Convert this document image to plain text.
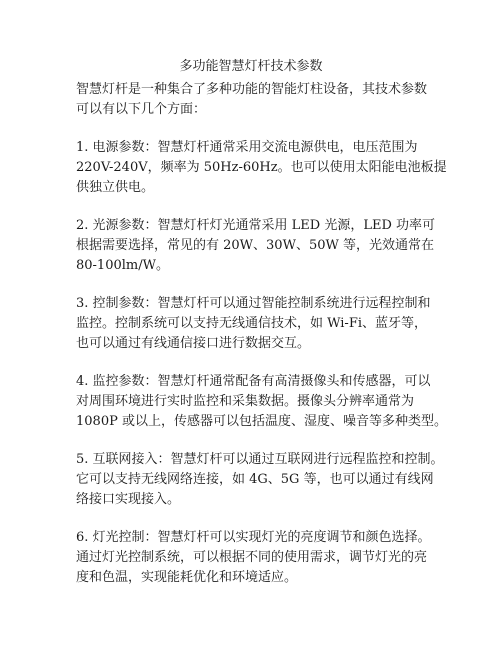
多功能智慧灯杆技术参数

智慧灯杆是一种集合了多种功能的智能灯柱设备，其技术参数
可以有以下几个方面：

1. 电源参数：智慧灯杆通常采用交流电源供电，电压范围为
220V-240V，频率为 50Hz-60Hz。也可以使用太阳能电池板提
供独立供电。

2. 光源参数：智慧灯杆灯光通常采用 LED 光源，LED 功率可
根据需要选择，常见的有 20W、30W、50W 等，光效通常在
80-100lm/W。

3. 控制参数：智慧灯杆可以通过智能控制系统进行远程控制和
监控。控制系统可以支持无线通信技术，如 Wi-Fi、蓝牙等，
也可以通过有线通信接口进行数据交互。

4. 监控参数：智慧灯杆通常配备有高清摄像头和传感器，可以
对周围环境进行实时监控和采集数据。摄像头分辨率通常为
1080P 或以上，传感器可以包括温度、湿度、噪音等多种类型。

5. 互联网接入：智慧灯杆可以通过互联网进行远程监控和控制。
它可以支持无线网络连接，如 4G、5G 等，也可以通过有线网
络接口实现接入。

6. 灯光控制：智慧灯杆可以实现灯光的亮度调节和颜色选择。
通过灯光控制系统，可以根据不同的使用需求，调节灯光的亮
度和色温，实现能耗优化和环境适应。
